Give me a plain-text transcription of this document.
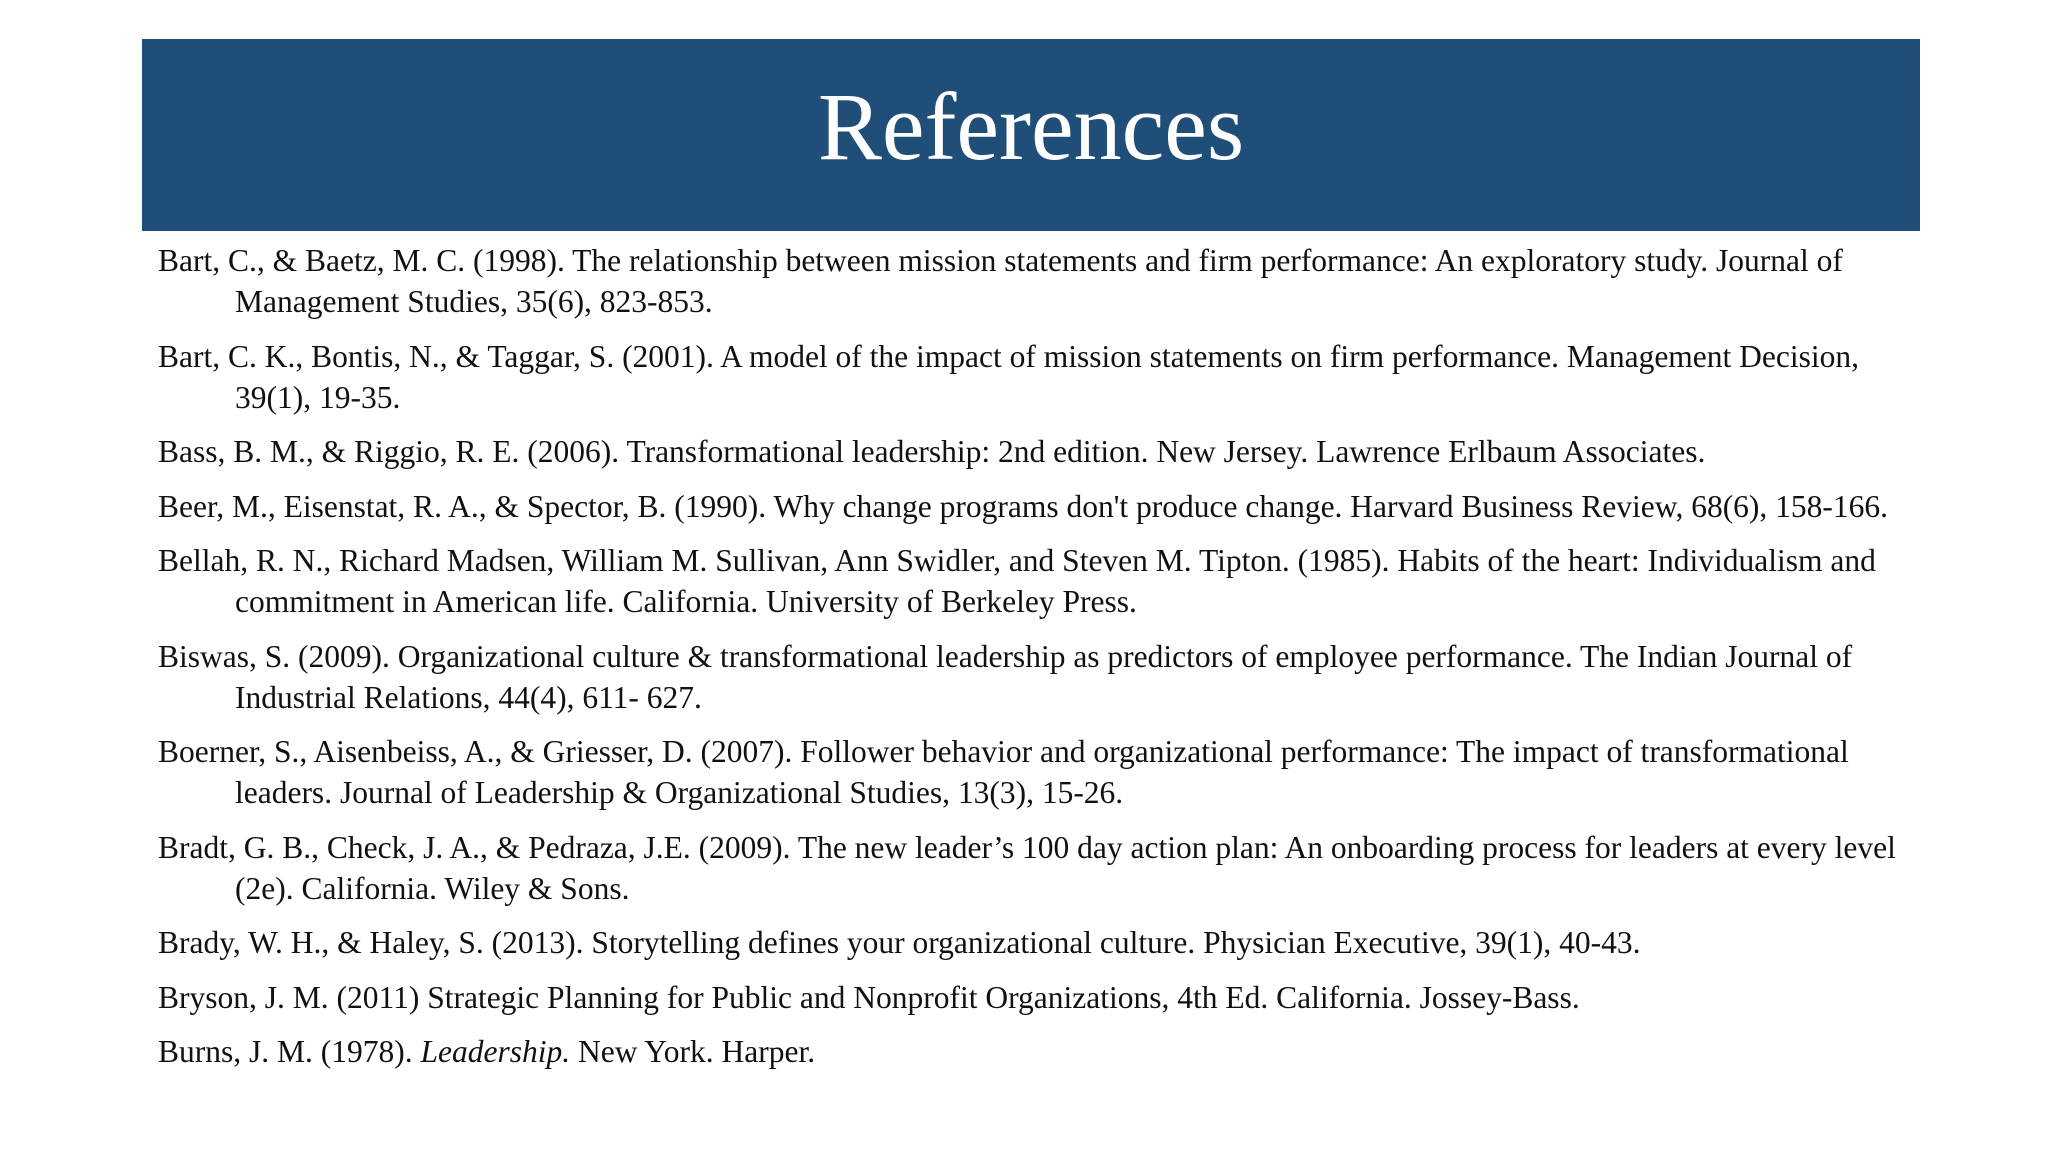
References
Bart, C., & Baetz, M. C. (1998). The relationship between mission statements and firm performance: An exploratory study. Journal of Management Studies, 35(6), 823-853.
Bart, C. K., Bontis, N., & Taggar, S. (2001). A model of the impact of mission statements on firm performance. Management Decision, 39(1), 19-35.
Bass, B. M., & Riggio, R. E. (2006). Transformational leadership: 2nd edition. New Jersey. Lawrence Erlbaum Associates.
Beer, M., Eisenstat, R. A., & Spector, B. (1990). Why change programs don't produce change. Harvard Business Review, 68(6), 158-166.
Bellah, R. N., Richard Madsen, William M. Sullivan, Ann Swidler, and Steven M. Tipton. (1985). Habits of the heart: Individualism and commitment in American life. California. University of Berkeley Press.
Biswas, S. (2009). Organizational culture & transformational leadership as predictors of employee performance. The Indian Journal of Industrial Relations, 44(4), 611- 627.
Boerner, S., Aisenbeiss, A., & Griesser, D. (2007). Follower behavior and organizational performance: The impact of transformational leaders. Journal of Leadership & Organizational Studies, 13(3), 15-26.
Bradt, G. B., Check, J. A., & Pedraza, J.E. (2009). The new leader’s 100 day action plan: An onboarding process for leaders at every level (2e). California. Wiley & Sons.
Brady, W. H., & Haley, S. (2013). Storytelling defines your organizational culture. Physician Executive, 39(1), 40-43.
Bryson, J. M. (2011) Strategic Planning for Public and Nonprofit Organizations, 4th Ed. California. Jossey-Bass.
Burns, J. M. (1978). Leadership. New York. Harper.
